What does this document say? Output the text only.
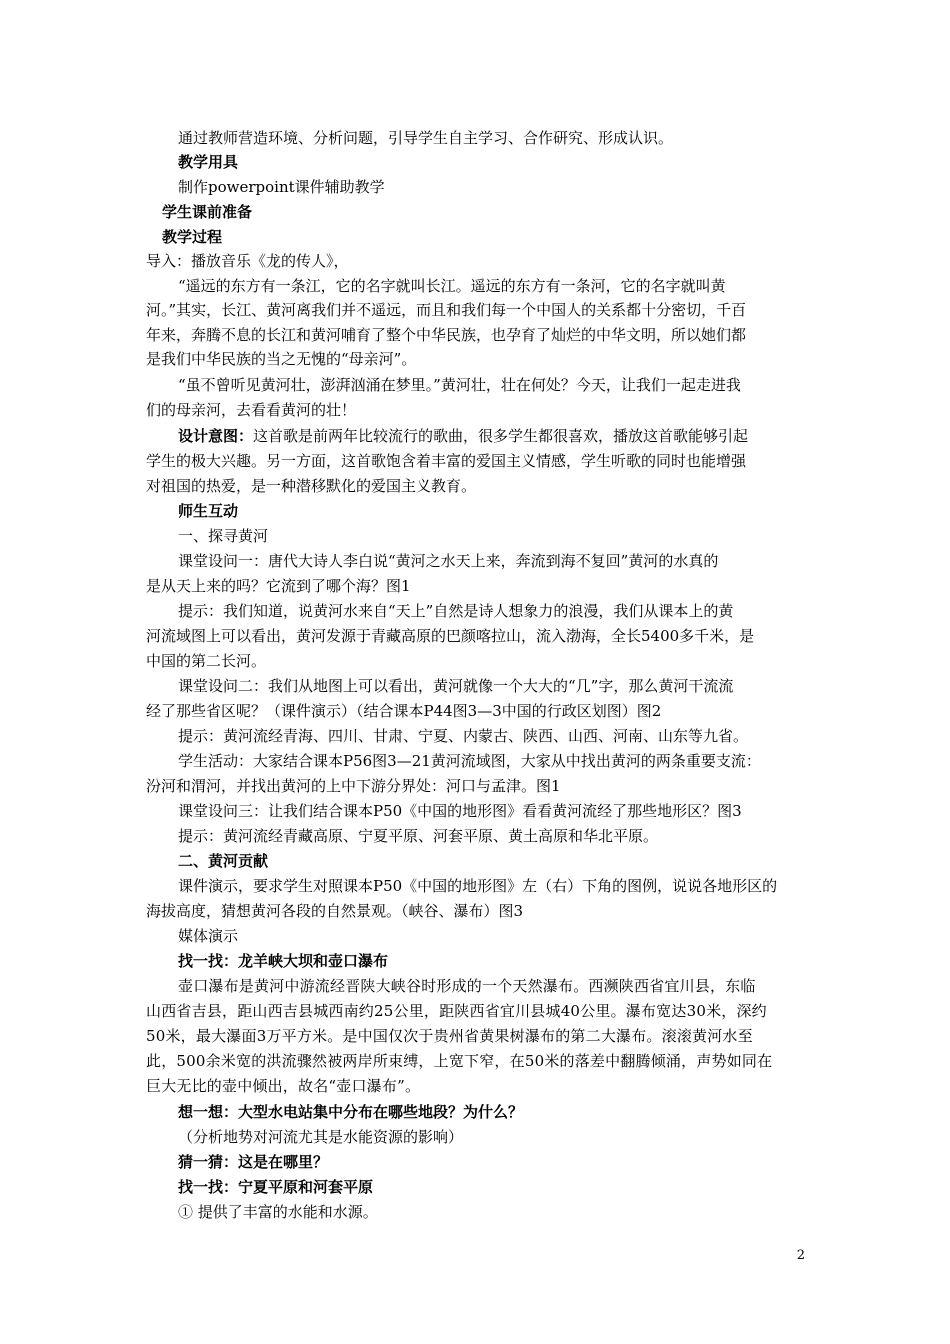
通过教师营造环境、分析问题，引导学生自主学习、合作研究、形成认识。
教学用具
制作powerpoint课件辅助教学
学生课前准备
教学过程
导入：播放音乐《龙的传人》，
“遥远的东方有一条江，它的名字就叫长江。遥远的东方有一条河，它的名字就叫黄
河。”其实，长江、黄河离我们并不遥远，而且和我们每一个中国人的关系都十分密切，千百
年来，奔腾不息的长江和黄河哺育了整个中华民族，也孕育了灿烂的中华文明，所以她们都
是我们中华民族的当之无愧的“母亲河”。
“虽不曾听见黄河壮，澎湃汹涌在梦里。”黄河壮，壮在何处？今天，让我们一起走进我
们的母亲河，去看看黄河的壮！
设计意图：这首歌是前两年比较流行的歌曲，很多学生都很喜欢，播放这首歌能够引起
学生的极大兴趣。另一方面，这首歌饱含着丰富的爱国主义情感，学生听歌的同时也能增强
对祖国的热爱，是一种潜移默化的爱国主义教育。
师生互动
一、探寻黄河
课堂设问一：唐代大诗人李白说“黄河之水天上来，奔流到海不复回”黄河的水真的
是从天上来的吗？它流到了哪个海？图1
提示：我们知道，说黄河水来自“天上”自然是诗人想象力的浪漫，我们从课本上的黄
河流域图上可以看出，黄河发源于青藏高原的巴颜喀拉山，流入渤海，全长5400多千米，是
中国的第二长河。
课堂设问二：我们从地图上可以看出，黄河就像一个大大的“几”字，那么黄河干流流
经了那些省区呢？（课件演示）（结合课本P44图3—3中国的行政区划图）图2
提示：黄河流经青海、四川、甘肃、宁夏、内蒙古、陕西、山西、河南、山东等九省。
学生活动：大家结合课本P56图3—21黄河流域图，大家从中找出黄河的两条重要支流：
汾河和渭河，并找出黄河的上中下游分界处：河口与孟津。图1
课堂设问三：让我们结合课本P50《中国的地形图》看看黄河流经了那些地形区？图3
提示：黄河流经青藏高原、宁夏平原、河套平原、黄土高原和华北平原。
二、黄河贡献
课件演示，要求学生对照课本P50《中国的地形图》左（右）下角的图例，说说各地形区的
海拔高度，猜想黄河各段的自然景观。（峡谷、瀑布）图3
媒体演示
找一找：龙羊峡大坝和壶口瀑布
壶口瀑布是黄河中游流经晋陕大峡谷时形成的一个天然瀑布。西濒陕西省宜川县，东临
山西省吉县，距山西吉县城西南约25公里，距陕西省宜川县城40公里。瀑布宽达30米，深约
50米，最大瀑面3万平方米。是中国仅次于贵州省黄果树瀑布的第二大瀑布。滚滚黄河水至
此，500余米宽的洪流骤然被两岸所束缚，上宽下窄，在50米的落差中翻腾倾涌，声势如同在
巨大无比的壶中倾出，故名“壶口瀑布”。
想一想：大型水电站集中分布在哪些地段？为什么？
（分析地势对河流尤其是水能资源的影响）
猜一猜：这是在哪里？
找一找：宁夏平原和河套平原
① 提供了丰富的水能和水源。
2
